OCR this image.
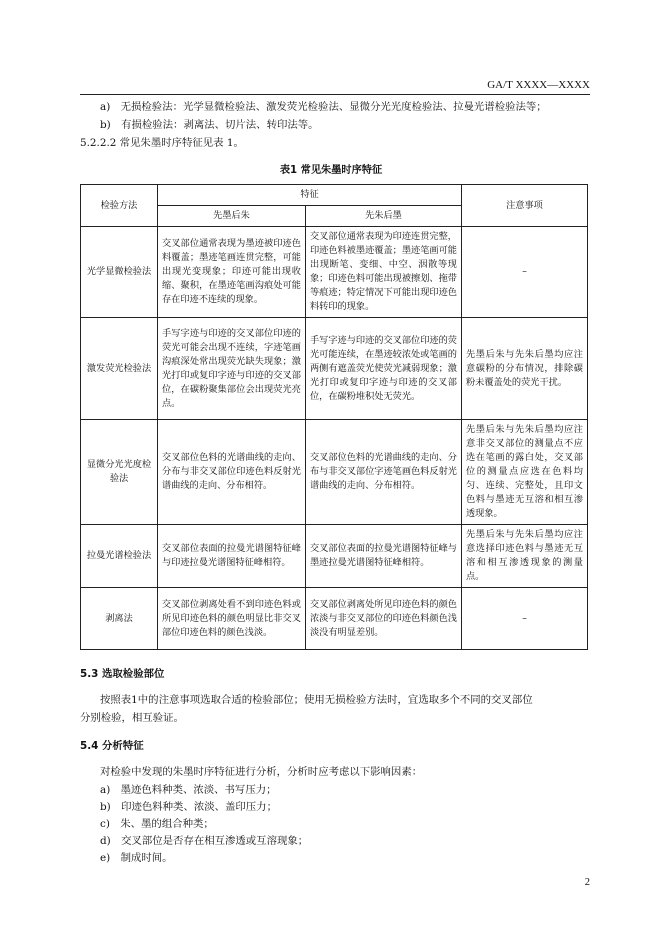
GA/T XXXX—XXXX
a)　无损检验法：光学显微检验法、激发荧光检验法、显微分光光度检验法、拉曼光谱检验法等；
b)　有损检验法：剥离法、切片法、转印法等。
5.2.2.2 常见朱墨时序特征见表 1。
表1 常见朱墨时序特征
检验方法	特征		注意事项
	先墨后朱	先朱后墨	
光学显微检验法	交叉部位通常表现为墨迹被印迹色料覆盖；墨迹笔画连贯完整，可能出现光变现象；印迹可能出现收缩、聚积，在墨迹笔画沟痕处可能存在印迹不连续的现象。	交叉部位通常表现为印迹连贯完整，印迹色料被墨迹覆盖；墨迹笔画可能出现断笔、变细、中空、洇散等现象；印迹色料可能出现被擦划、拖带等痕迹；特定情况下可能出现印迹色料转印的现象。	–
激发荧光检验法	手写字迹与印迹的交叉部位印迹的荧光可能会出现不连续，字迹笔画沟痕深处常出现荧光缺失现象；激光打印或复印字迹与印迹的交叉部位，在碳粉聚集部位会出现荧光亮点。	手写字迹与印迹的交叉部位印迹的荧光可能连续，在墨迹较浓处或笔画的两侧有遮盖荧光使荧光减弱现象；激光打印或复印字迹与印迹的交叉部位，在碳粉堆积处无荧光。	先墨后朱与先朱后墨均应注意碳粉的分布情况，排除碳粉未覆盖处的荧光干扰。
显微分光光度检验法	交叉部位色料的光谱曲线的走向、分布与非交叉部位印迹色料反射光谱曲线的走向、分布相符。	交叉部位色料的光谱曲线的走向、分布与非交叉部位字迹笔画色料反射光谱曲线的走向、分布相符。	先墨后朱与先朱后墨均应注意非交叉部位的测量点不应选在笔画的露白处，交叉部位的测量点应选在色料均匀、连续、完整处，且印文色料与墨迹无互溶和相互渗透现象。
拉曼光谱检验法	交叉部位表面的拉曼光谱图特征峰与印迹拉曼光谱图特征峰相符。	交叉部位表面的拉曼光谱图特征峰与墨迹拉曼光谱图特征峰相符。	先墨后朱与先朱后墨均应注意选择印迹色料与墨迹无互溶和相互渗透现象的测量点。
剥离法	交叉部位剥离处看不到印迹色料或所见印迹色料的颜色明显比非交叉部位印迹色料的颜色浅淡。	交叉部位剥离处所见印迹色料的颜色浓淡与非交叉部位的印迹色料颜色浅淡没有明显差别。	–
5.3 选取检验部位
按照表1中的注意事项选取合适的检验部位；使用无损检验方法时，宜选取多个不同的交叉部位
分别检验，相互验证。
5.4 分析特征
对检验中发现的朱墨时序特征进行分析，分析时应考虑以下影响因素：
a)　墨迹色料种类、浓淡、书写压力；
b)　印迹色料种类、浓淡、盖印压力；
c)　朱、墨的组合种类；
d)　交叉部位是否存在相互渗透或互溶现象；
e)　制成时间。
2
